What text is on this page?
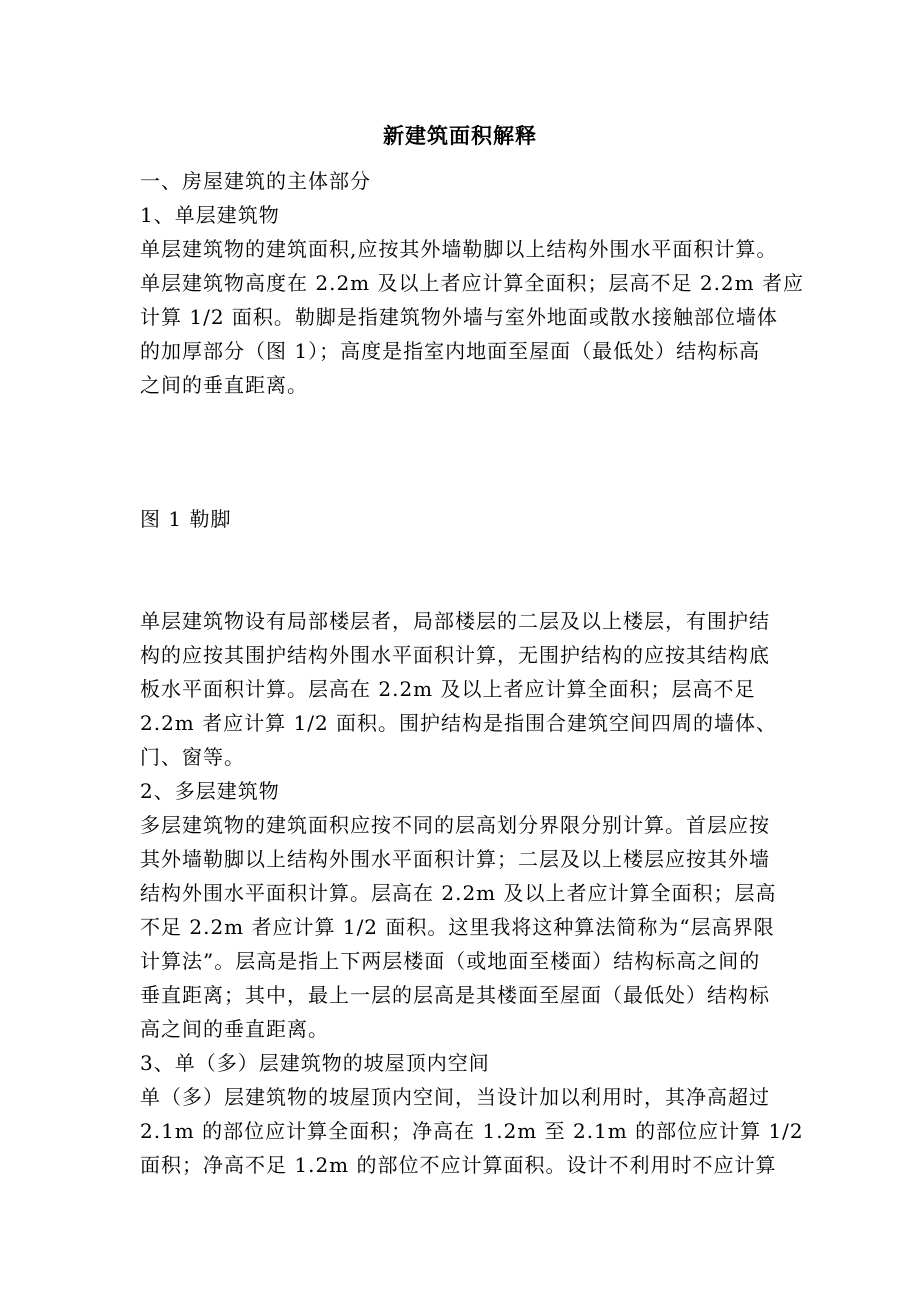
新建筑面积解释
一、房屋建筑的主体部分
1、单层建筑物
单层建筑物的建筑面积,应按其外墙勒脚以上结构外围水平面积计算。
单层建筑物高度在 2.2m 及以上者应计算全面积；层高不足 2.2m 者应
计算 1/2 面积。勒脚是指建筑物外墙与室外地面或散水接触部位墙体
的加厚部分（图 1）；高度是指室内地面至屋面（最低处）结构标高
之间的垂直距离。
图 1 勒脚
单层建筑物设有局部楼层者，局部楼层的二层及以上楼层，有围护结
构的应按其围护结构外围水平面积计算，无围护结构的应按其结构底
板水平面积计算。层高在 2.2m 及以上者应计算全面积；层高不足
2.2m 者应计算 1/2 面积。围护结构是指围合建筑空间四周的墙体、
门、窗等。
2、多层建筑物
多层建筑物的建筑面积应按不同的层高划分界限分别计算。首层应按
其外墙勒脚以上结构外围水平面积计算；二层及以上楼层应按其外墙
结构外围水平面积计算。层高在 2.2m 及以上者应计算全面积；层高
不足 2.2m 者应计算 1/2 面积。这里我将这种算法简称为“层高界限
计算法”。层高是指上下两层楼面（或地面至楼面）结构标高之间的
垂直距离；其中，最上一层的层高是其楼面至屋面（最低处）结构标
高之间的垂直距离。
3、单（多）层建筑物的坡屋顶内空间
单（多）层建筑物的坡屋顶内空间，当设计加以利用时，其净高超过
2.1m 的部位应计算全面积；净高在 1.2m 至 2.1m 的部位应计算 1/2
面积；净高不足 1.2m 的部位不应计算面积。设计不利用时不应计算
